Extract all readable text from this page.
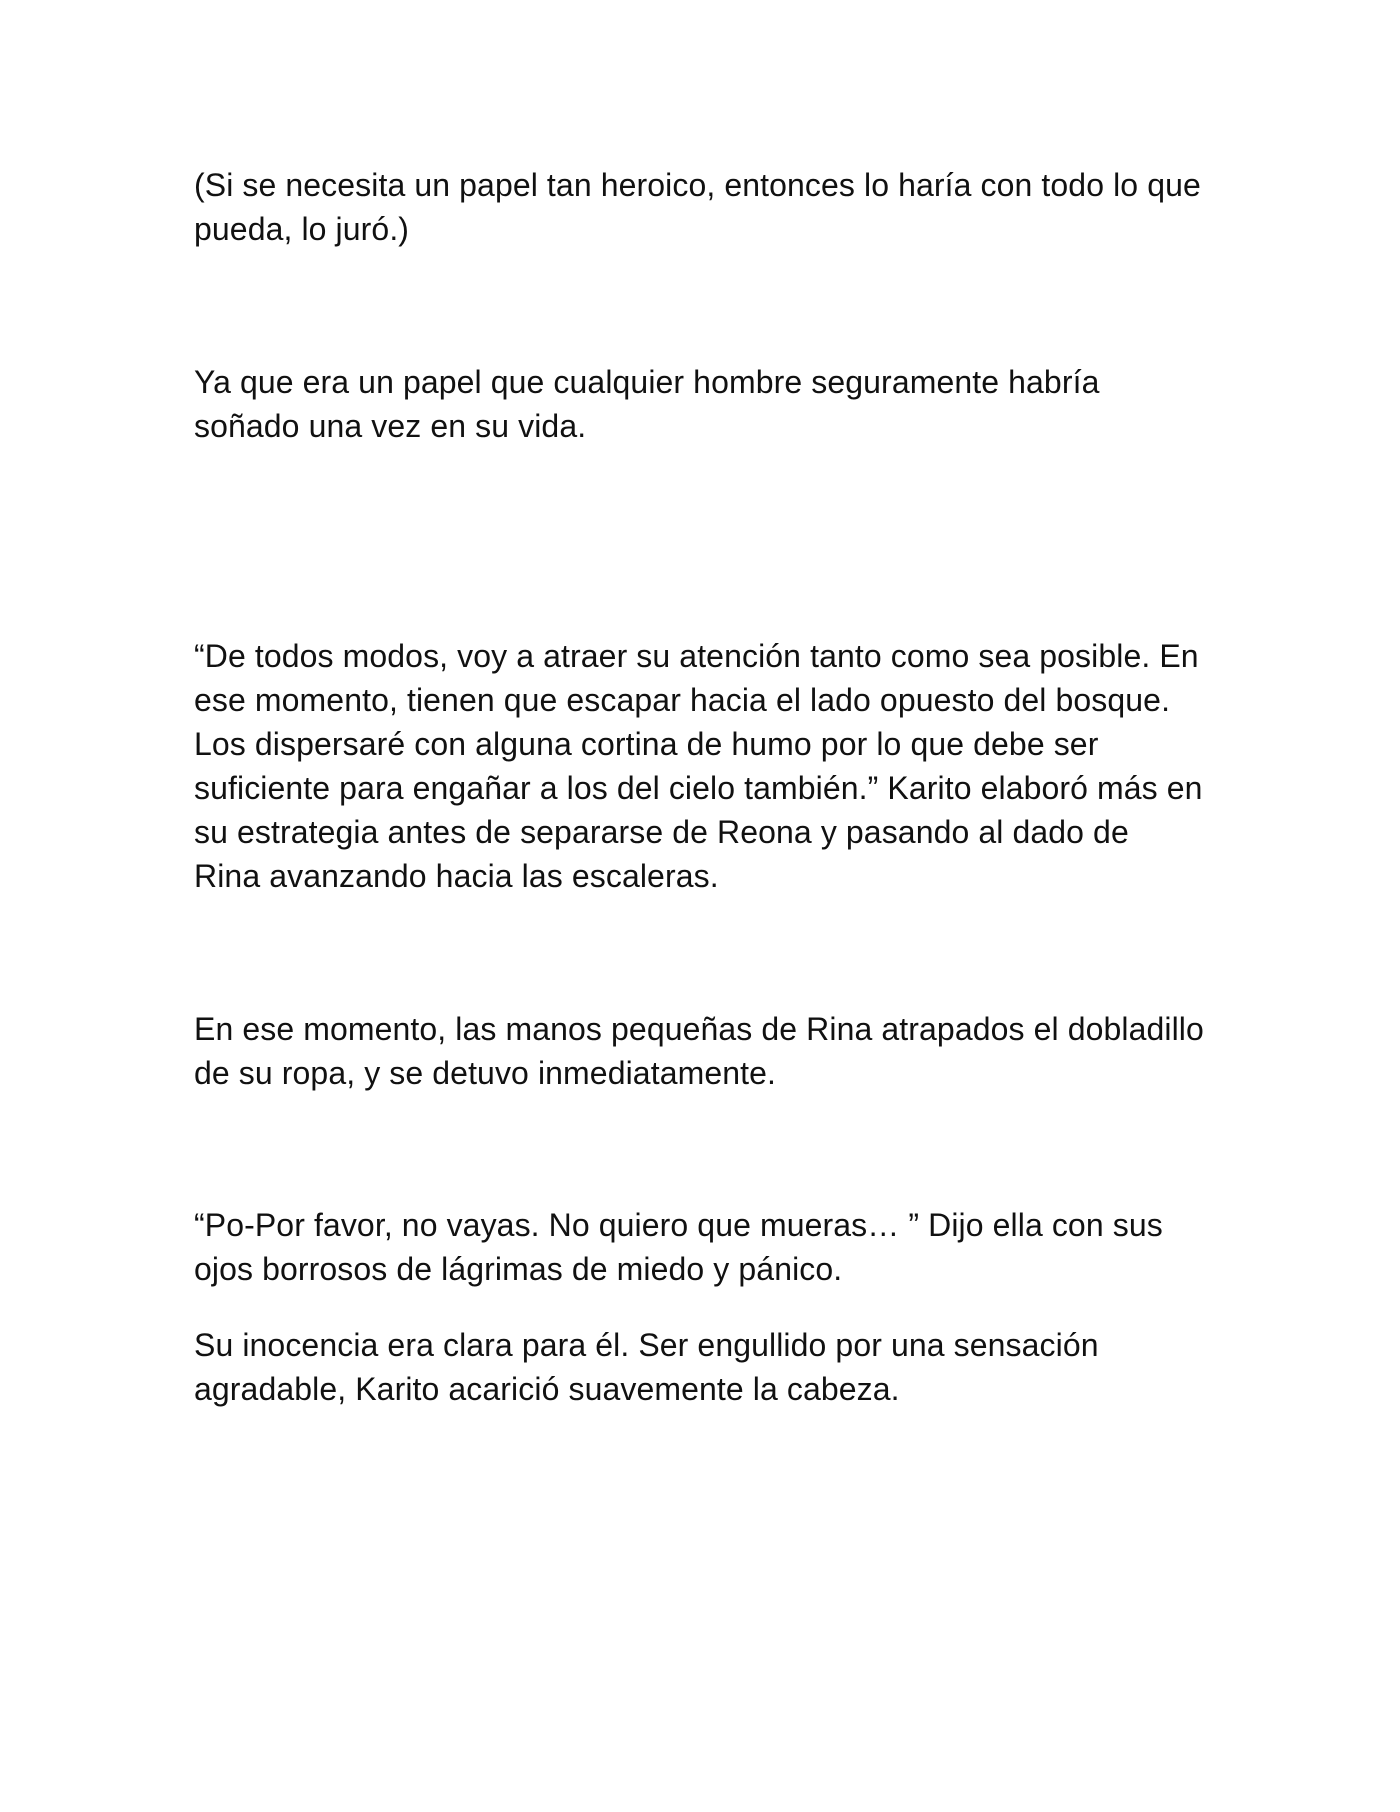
(Si se necesita un papel tan heroico, entonces lo haría con todo lo que pueda, lo juró.)

Ya que era un papel que cualquier hombre seguramente habría soñado una vez en su vida.

“De todos modos, voy a atraer su atención tanto como sea posible. En ese momento, tienen que escapar hacia el lado opuesto del bosque. Los dispersaré con alguna cortina de humo por lo que debe ser suficiente para engañar a los del cielo también.” Karito elaboró más en su estrategia antes de separarse de Reona y pasando al dado de Rina avanzando hacia las escaleras.

En ese momento, las manos pequeñas de Rina atrapados el dobladillo de su ropa, y se detuvo inmediatamente.

“Po-Por favor, no vayas. No quiero que mueras… ” Dijo ella con sus ojos borrosos de lágrimas de miedo y pánico.

Su inocencia era clara para él. Ser engullido por una sensación agradable, Karito acarició suavemente la cabeza.
